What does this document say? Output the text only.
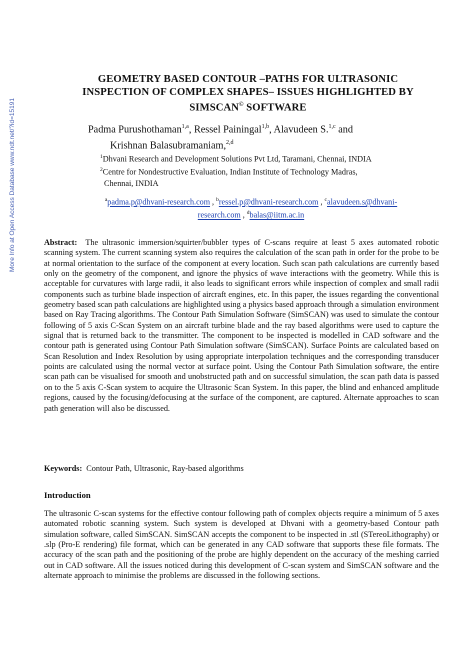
More Info at Open Access Database www.ndt.net/?id=15191
GEOMETRY BASED CONTOUR –PATHS FOR ULTRASONIC
INSPECTION OF COMPLEX SHAPES– ISSUES HIGHLIGHTED BY
SIMSCAN© SOFTWARE
Padma Purushothaman$^{1,a}$, Ressel Painingal$^{1,b}$, Alavudeen S.$^{1,c}$ and
Krishnan Balasubramaniam,$^{2,d}$
$^1$Dhvani Research and Development Solutions Pvt Ltd, Taramani, Chennai, INDIA
$^2$Centre for Nondestructive Evaluation, Indian Institute of Technology Madras,
Chennai, INDIA
$^a$padma.p@dhvani-research.com , $^b$ressel.p@dhvani-research.com , $^c$alavudeen.s@dhvani-
research.com , $^d$balas@iitm.ac.in
Abstract: The ultrasonic immersion/squirter/bubbler types of C-scans require at least 5 axes automated robotic scanning system. The current scanning system also requires the calculation of the scan path in order for the probe to be at normal orientation to the surface of the component at every location. Such scan path calculations are currently based only on the geometry of the component, and ignore the physics of wave interactions with the geometry. While this is acceptable for curvatures with large radii, it also leads to significant errors while inspection of complex and small radii components such as turbine blade inspection of aircraft engines, etc. In this paper, the issues regarding the conventional geometry based scan path calculations are highlighted using a physics based approach through a simulation environment based on Ray Tracing algorithms. The Contour Path Simulation Software (SimSCAN) was used to simulate the contour following of 5 axis C-Scan System on an aircraft turbine blade and the ray based algorithms were used to capture the signal that is returned back to the transmitter. The component to be inspected is modelled in CAD software and the contour path is generated using Contour Path Simulation software (SimSCAN). Surface Points are calculated based on Scan Resolution and Index Resolution by using appropriate interpolation techniques and the corresponding transducer points are calculated using the normal vector at surface point. Using the Contour Path Simulation software, the entire scan path can be visualised for smooth and unobstructed path and on successful simulation, the scan path data is passed on to the 5 axis C-Scan system to acquire the Ultrasonic Scan System. In this paper, the blind and enhanced amplitude regions, caused by the focusing/defocusing at the surface of the component, are captured. Alternate approaches to scan path generation will also be discussed.
Keywords: Contour Path, Ultrasonic, Ray-based algorithms
Introduction
The ultrasonic C-scan systems for the effective contour following path of complex objects require a minimum of 5 axes automated robotic scanning system. Such system is developed at Dhvani with a geometry-based Contour path simulation software, called SimSCAN. SimSCAN accepts the component to be inspected in .stl (STereoLithography) or .slp (Pro-E rendering) file format, which can be generated in any CAD software that supports these file formats. The accuracy of the scan path and the positioning of the probe are highly dependent on the accuracy of the meshing carried out in CAD software. All the issues noticed during this development of C-scan system and SimSCAN software and the alternate approach to minimise the problems are discussed in the following sections.
